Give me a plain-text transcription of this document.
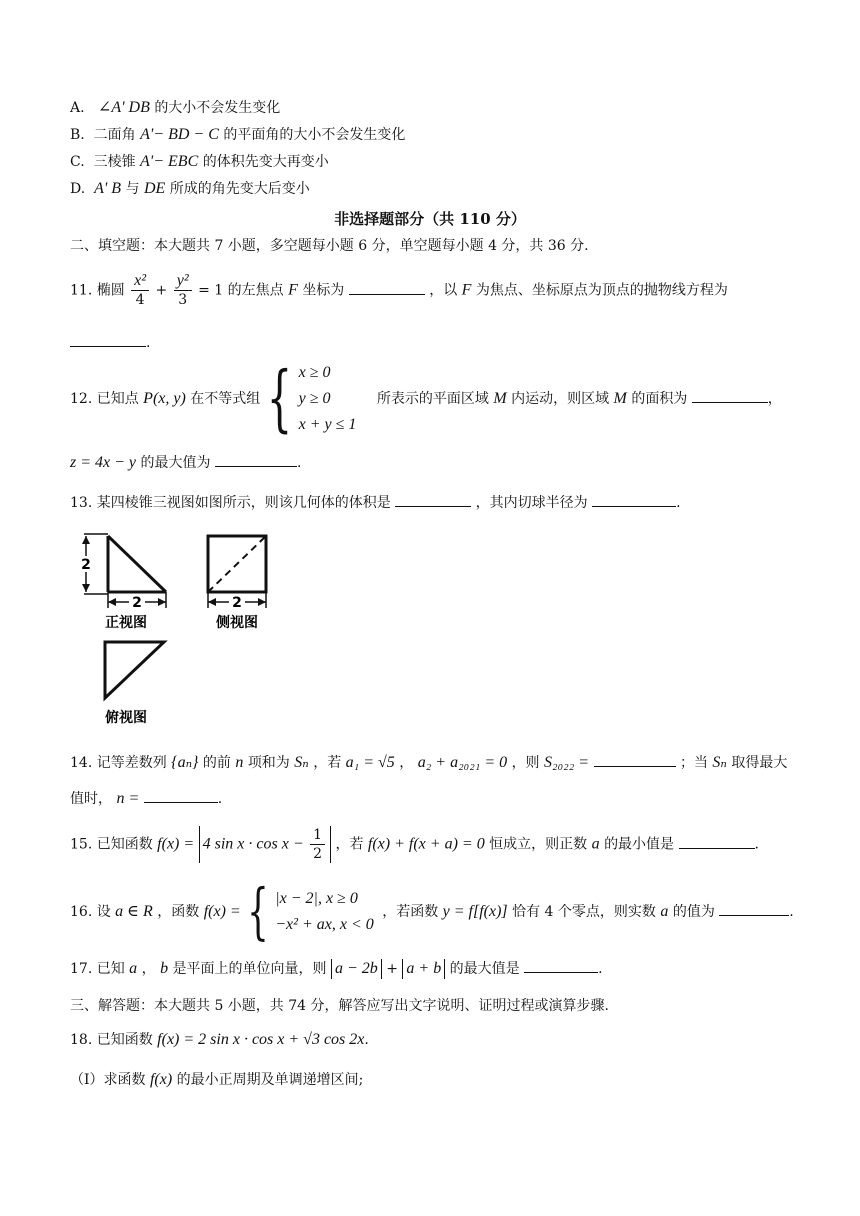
A. ∠A' DB 的大小不会发生变化
B. 二面角 A'− BD − C 的平面角的大小不会发生变化
C. 三棱锥 A'− EBC 的体积先变大再变小
D. A' B 与 DE 所成的角先变大后变小
非选择题部分（共 110 分）
二、填空题：本大题共 7 小题，多空题每小题 6 分，单空题每小题 4 分，共 36 分.
11. 椭圆 $\frac{\text{x²}}{4} + \frac{\text{y²}}{3} = 1$ 的左焦点 F 坐标为	，以 F 为焦点、坐标原点为顶点的抛物线方程为
.
12. 已知点 P(x, y) 在不等式组 { x ≥ 0
y ≥ 0
x + y ≤ 1
所表示的平面区域 M 内运动，则区域 M 的面积为	，
z = 4x − y 的最大值为	.
13. 某四棱锥三视图如图所示，则该几何体的体积是	，其内切球半径为	.
2
2
正视图
2
侧视图
俯视图
14. 记等差数列 {aₙ} 的前 n 项和为 Sₙ ，若 a₁ = √5 ， a₂ + a₂₀₂₁ = 0 ，则 S₂₀₂₂ =	；当 Sₙ 取得最大
值时， n =	.
15. 已知函数 f(x) = 4 $\sin x \cdot \cos x - \frac{1}{2}$ ，若 f(x) + f(x + a) = 0 恒成立，则正数 a 的最小值是	.
16. 设 a ∈ R ，函数 f(x) = { |x − 2|, x ≥ 0
−x² + ax, x < 0
，若函数 y = f[f(x)] 恰有 4 个零点，则实数 a 的值为	.
17. 已知 a ， b 是平面上的单位向量，则 a − 2b + a + b 的最大值是	.
三、解答题：本大题共 5 小题，共 74 分，解答应写出文字说明、证明过程或演算步骤.
18. 已知函数 f(x) = 2 sin x · cos x + √3 cos 2x.
（Ⅰ）求函数 f(x) 的最小正周期及单调递增区间;
